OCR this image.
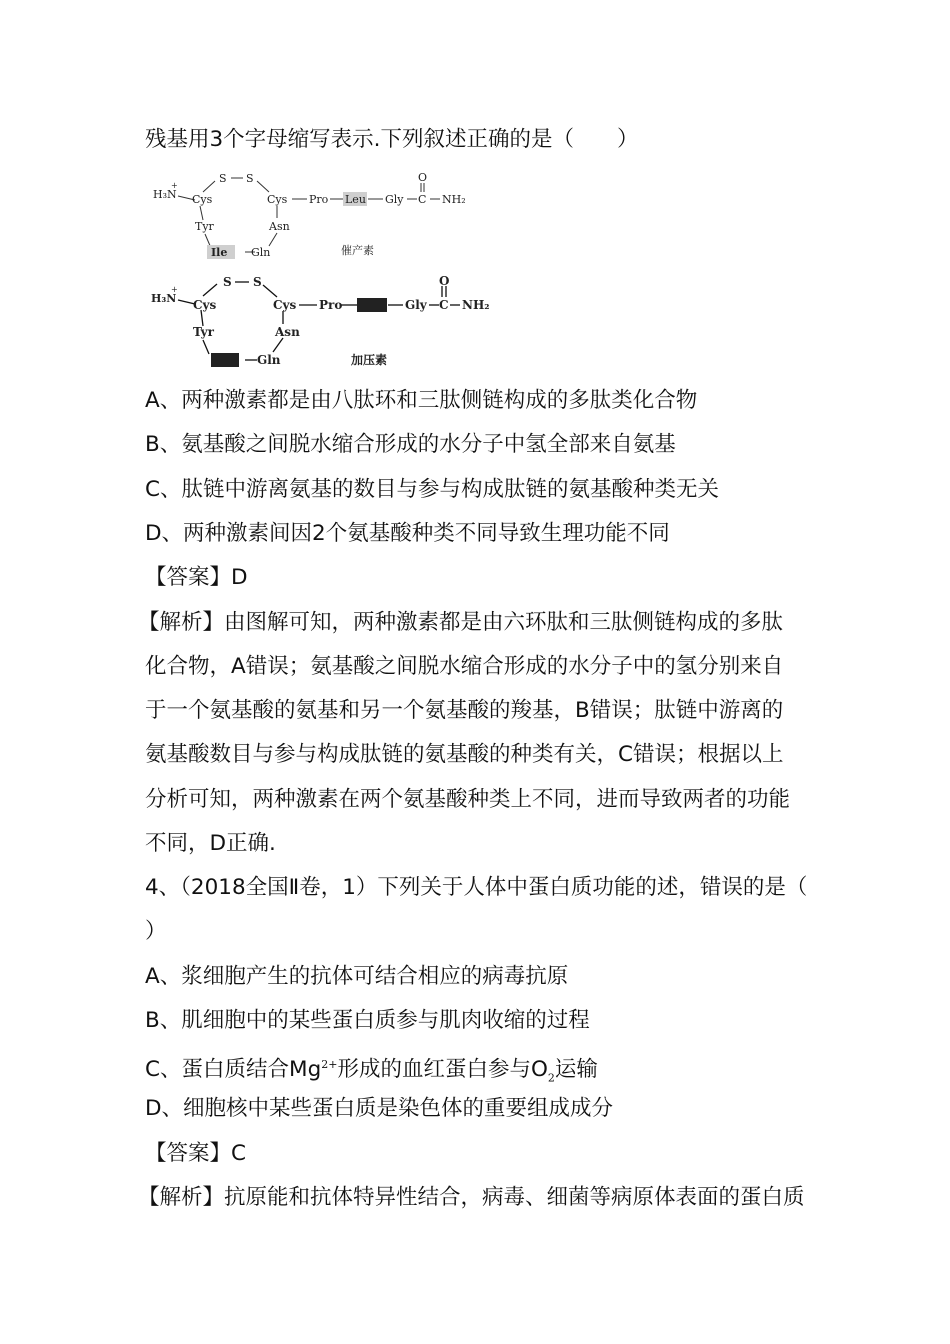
残基用3个字母缩写表示.下列叙述正确的是（　　）
H₃N
+
S S
Cys	Cys Pro Leu Gly C
O
NH₂
Tyr	Asn
Ile Gln	催产素
H₃N
+
S S
Cys	Cys Pro	Gly C
O
NH₂
Tyr	Asn
Gln	加压素
A、两种激素都是由八肽环和三肽侧链构成的多肽类化合物
B、氨基酸之间脱水缩合形成的水分子中氢全部来自氨基
C、肽链中游离氨基的数目与参与构成肽链的氨基酸种类无关
D、两种激素间因2个氨基酸种类不同导致生理功能不同
【答案】D
【解析】由图解可知，两种激素都是由六环肽和三肽侧链构成的多肽
化合物，A错误；氨基酸之间脱水缩合形成的水分子中的氢分别来自
于一个氨基酸的氨基和另一个氨基酸的羧基，B错误；肽链中游离的
氨基酸数目与参与构成肽链的氨基酸的种类有关，C错误；根据以上
分析可知，两种激素在两个氨基酸种类上不同，进而导致两者的功能
不同，D正确.
4、（2018全国Ⅱ卷，1）下列关于人体中蛋白质功能的述，错误的是（
）
A、浆细胞产生的抗体可结合相应的病毒抗原
B、肌细胞中的某些蛋白质参与肌肉收缩的过程
C、蛋白质结合$Mg^{2+}$形成的血红蛋白参与$O_2$运输
D、细胞核中某些蛋白质是染色体的重要组成成分
【答案】C
【解析】抗原能和抗体特异性结合，病毒、细菌等病原体表面的蛋白质
